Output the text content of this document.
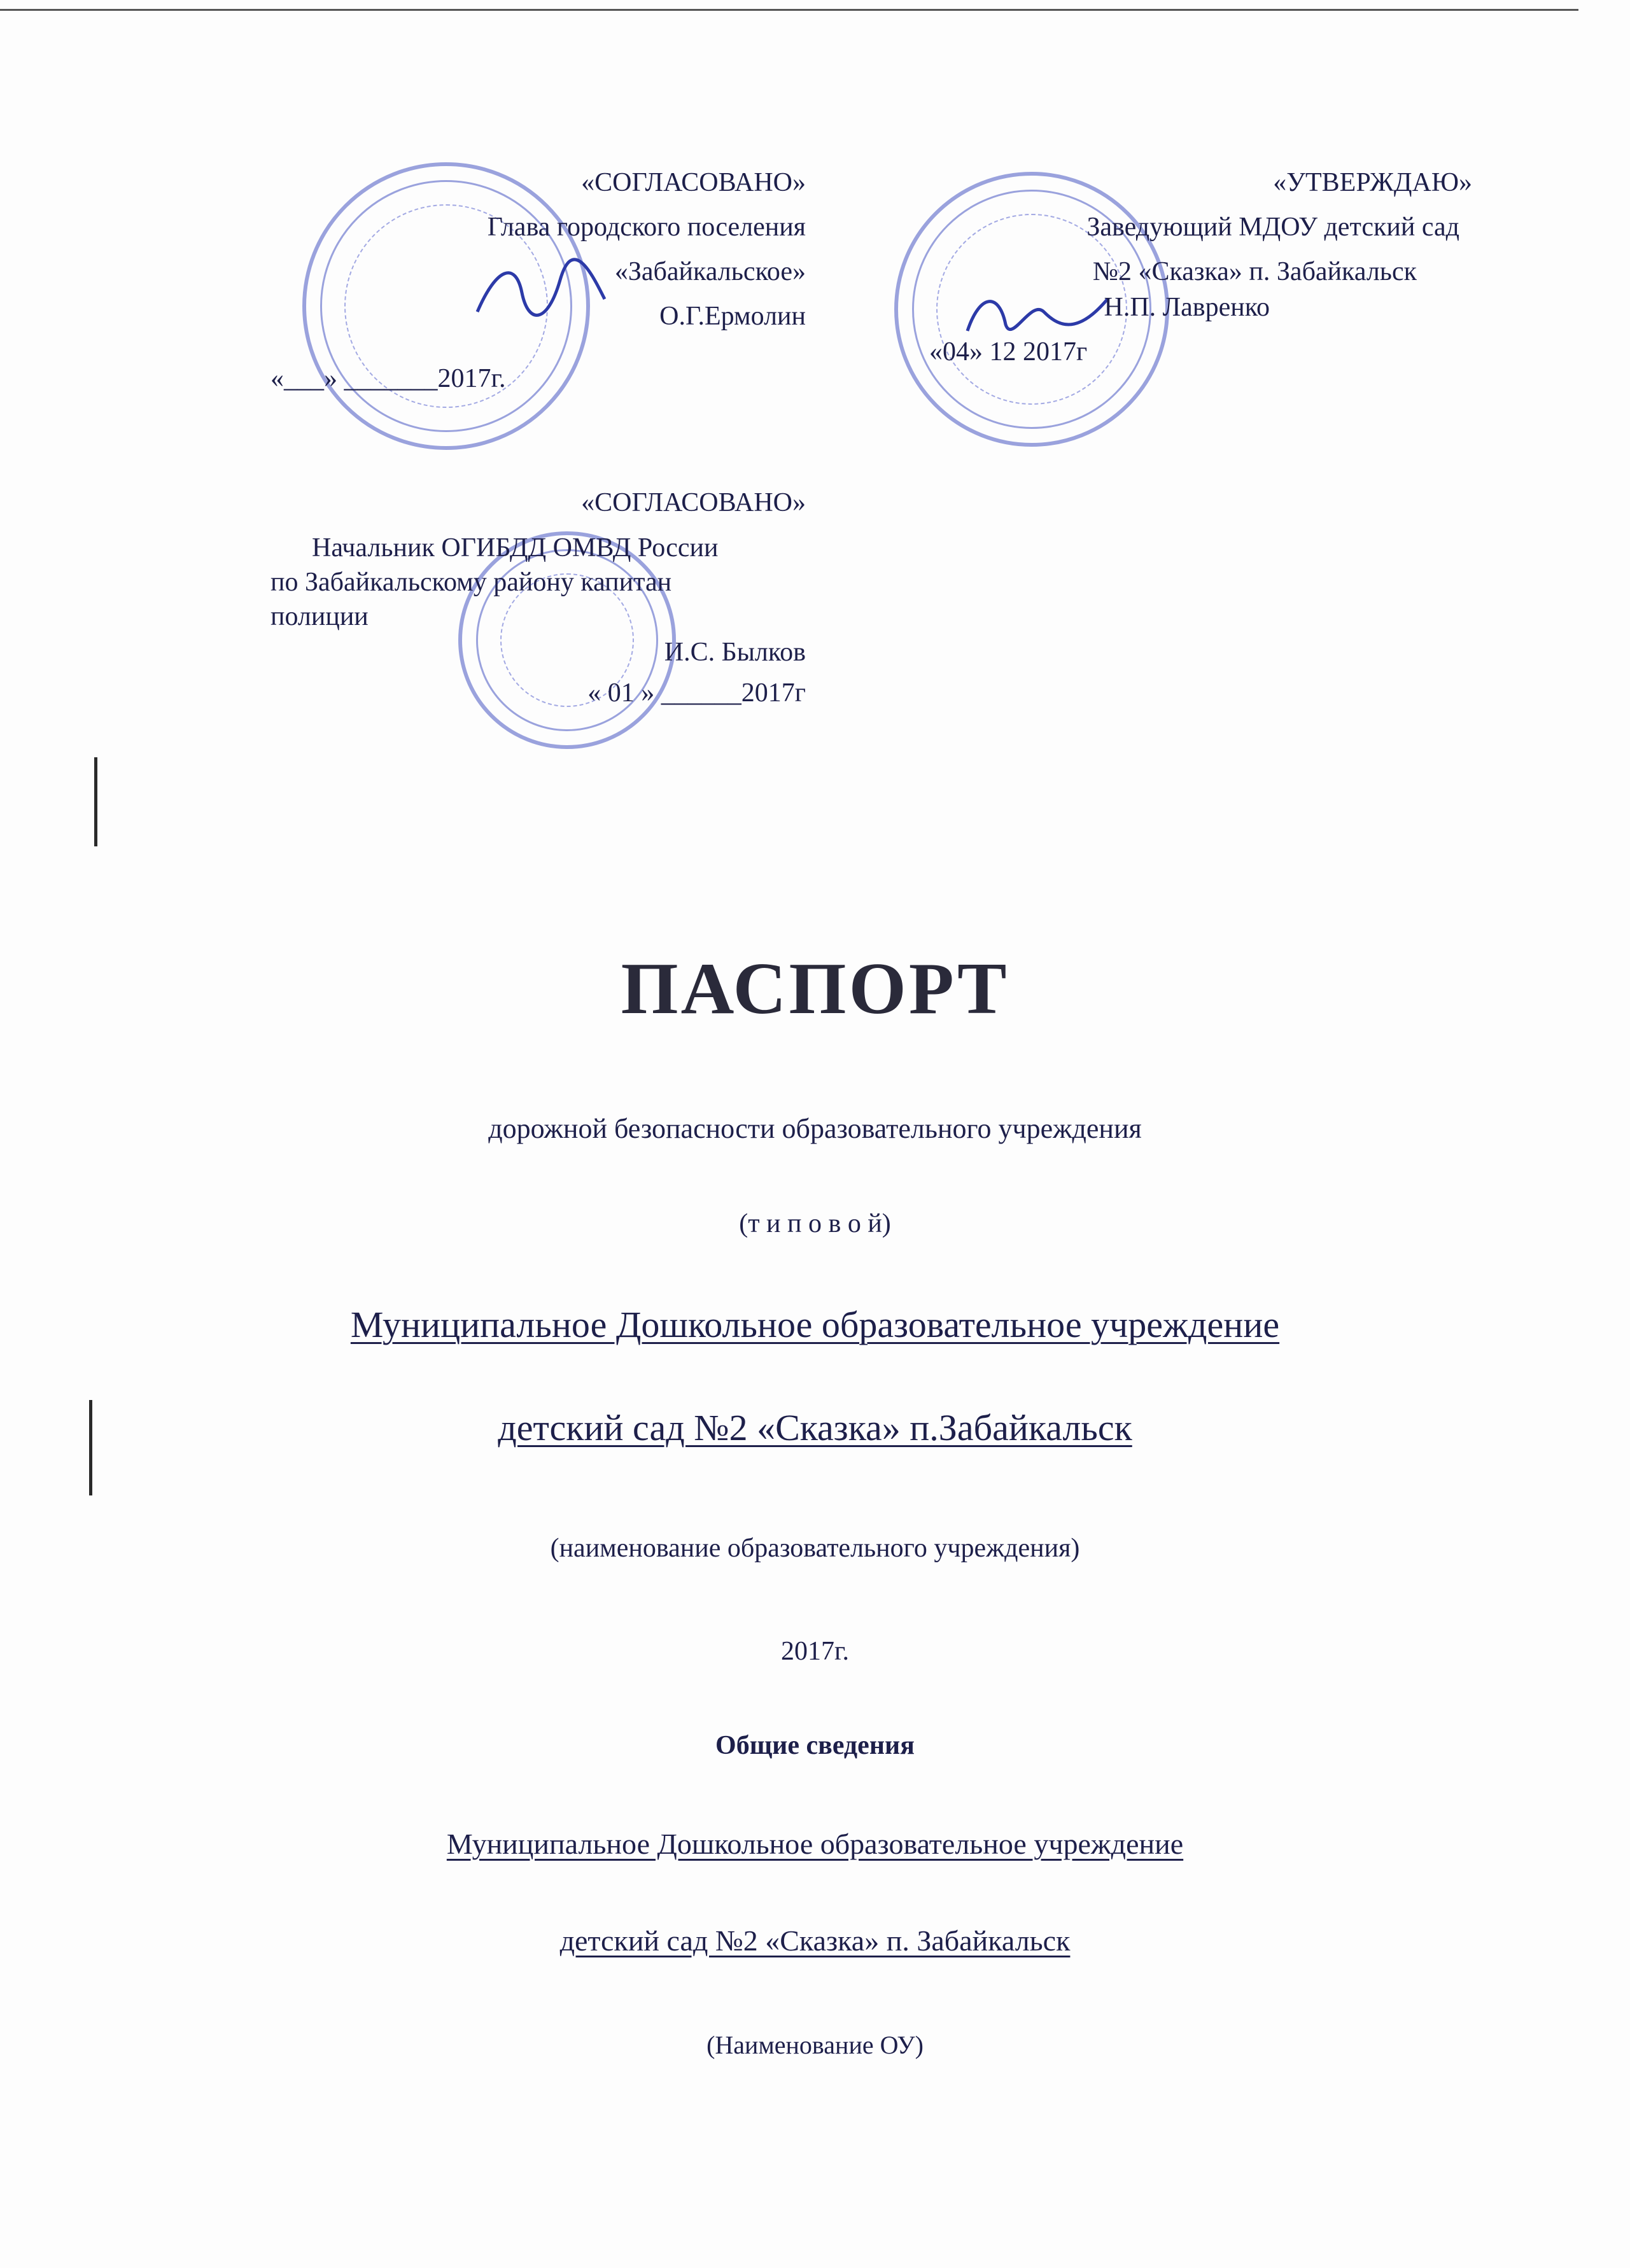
«СОГЛАСОВАНО»
Глава городского поселения
«Забайкальское»
О.Г.Ермолин
«___» _______2017г.
«УТВЕРЖДАЮ»
Заведующий МДОУ детский сад
№2 «Сказка» п. Забайкальск
Н.П. Лавренко
«04» 12 2017г
«СОГЛАСОВАНО»
Начальник ОГИБДД ОМВД России
по Забайкальскому району капитан
полиции
И.С. Былков
« 01 » ______2017г
ПАСПОРТ
дорожной безопасности образовательного учреждения
(т и п о в о й)
Муниципальное Дошкольное образовательное учреждение
детский сад №2 «Сказка» п.Забайкальск
(наименование образовательного учреждения)
2017г.
Общие сведения
Муниципальное Дошкольное образовательное учреждение
детский сад №2 «Сказка» п. Забайкальск
(Наименование ОУ)
